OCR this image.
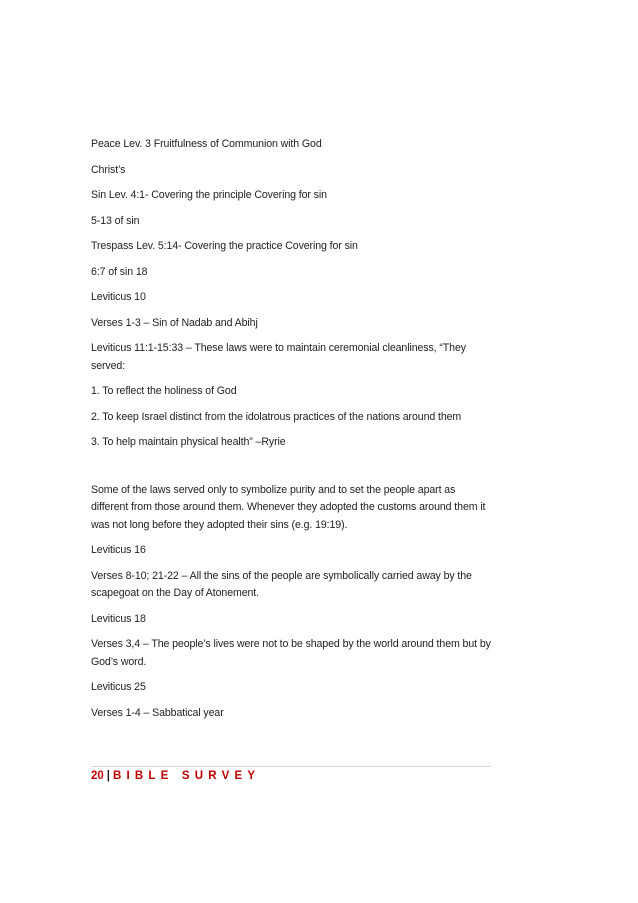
Peace Lev. 3 Fruitfulness of Communion with God

Christ’s

Sin Lev. 4:1- Covering the principle Covering for sin

5-13 of sin

Trespass Lev. 5:14- Covering the practice Covering for sin

6:7 of sin 18

Leviticus 10

Verses 1-3 – Sin of Nadab and Abihj

Leviticus 11:1-15:33 – These laws were to maintain ceremonial cleanliness, “They served:

1. To reflect the holiness of God

2. To keep Israel distinct from the idolatrous practices of the nations around them

3. To help maintain physical health” –Ryrie

Some of the laws served only to symbolize purity and to set the people apart as different from those around them. Whenever they adopted the customs around them it was not long before they adopted their sins (e.g. 19:19).

Leviticus 16

Verses 8-10; 21-22 – All the sins of the people are symbolically carried away by the scapegoat on the Day of Atonement.

Leviticus 18

Verses 3,4 – The people’s lives were not to be shaped by the world around them but by God’s word.

Leviticus 25

Verses 1-4 – Sabbatical year

20 | BIBLE SURVEY
